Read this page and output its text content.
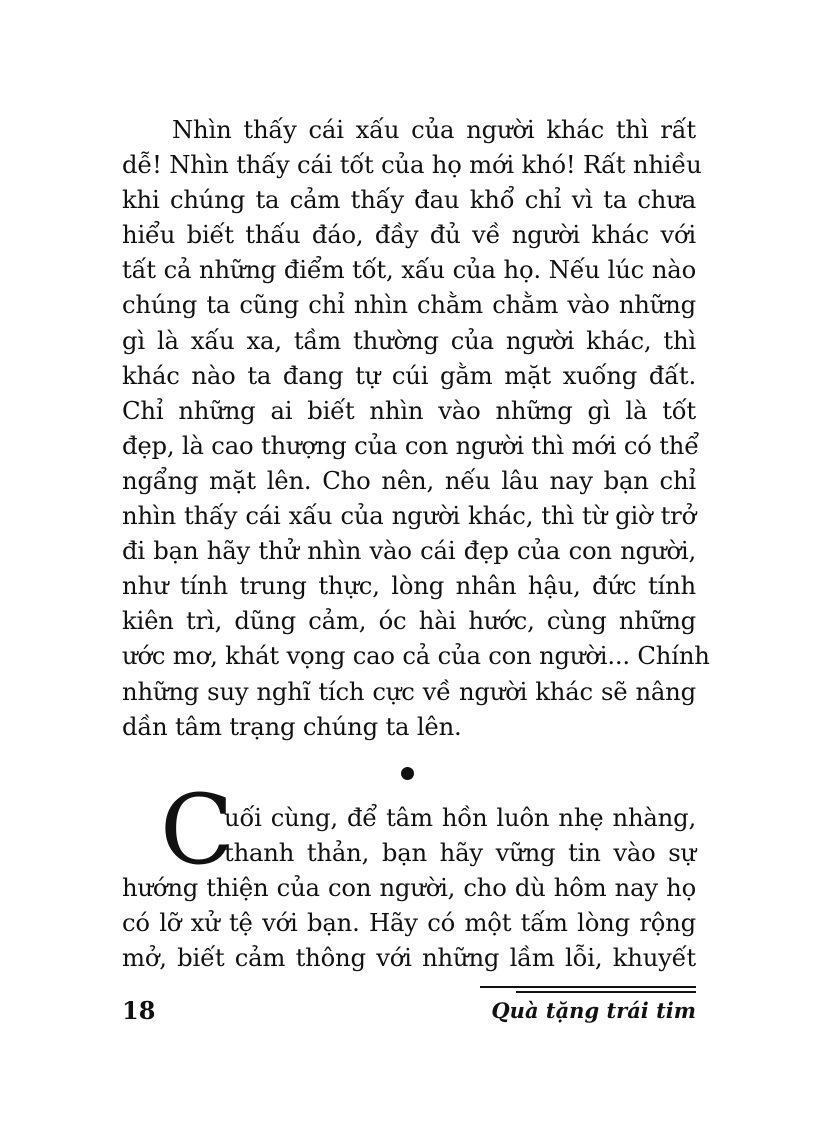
Nhìn thấy cái xấu của người khác thì rất
dễ! Nhìn thấy cái tốt của họ mới khó! Rất nhiều
khi chúng ta cảm thấy đau khổ chỉ vì ta chưa
hiểu biết thấu đáo, đầy đủ về người khác với
tất cả những điểm tốt, xấu của họ. Nếu lúc nào
chúng ta cũng chỉ nhìn chằm chằm vào những
gì là xấu xa, tầm thường của người khác, thì
khác nào ta đang tự cúi gằm mặt xuống đất.
Chỉ những ai biết nhìn vào những gì là tốt
đẹp, là cao thượng của con người thì mới có thể
ngẩng mặt lên. Cho nên, nếu lâu nay bạn chỉ
nhìn thấy cái xấu của người khác, thì từ giờ trở
đi bạn hãy thử nhìn vào cái đẹp của con người,
như tính trung thực, lòng nhân hậu, đức tính
kiên trì, dũng cảm, óc hài hước, cùng những
ước mơ, khát vọng cao cả của con người... Chính
những suy nghĩ tích cực về người khác sẽ nâng
dần tâm trạng chúng ta lên.
C
uối cùng, để tâm hồn luôn nhẹ nhàng,
thanh thản, bạn hãy vững tin vào sự
hướng thiện của con người, cho dù hôm nay họ
có lỡ xử tệ với bạn. Hãy có một tấm lòng rộng
mở, biết cảm thông với những lầm lỗi, khuyết
18	Quà tặng trái tim
